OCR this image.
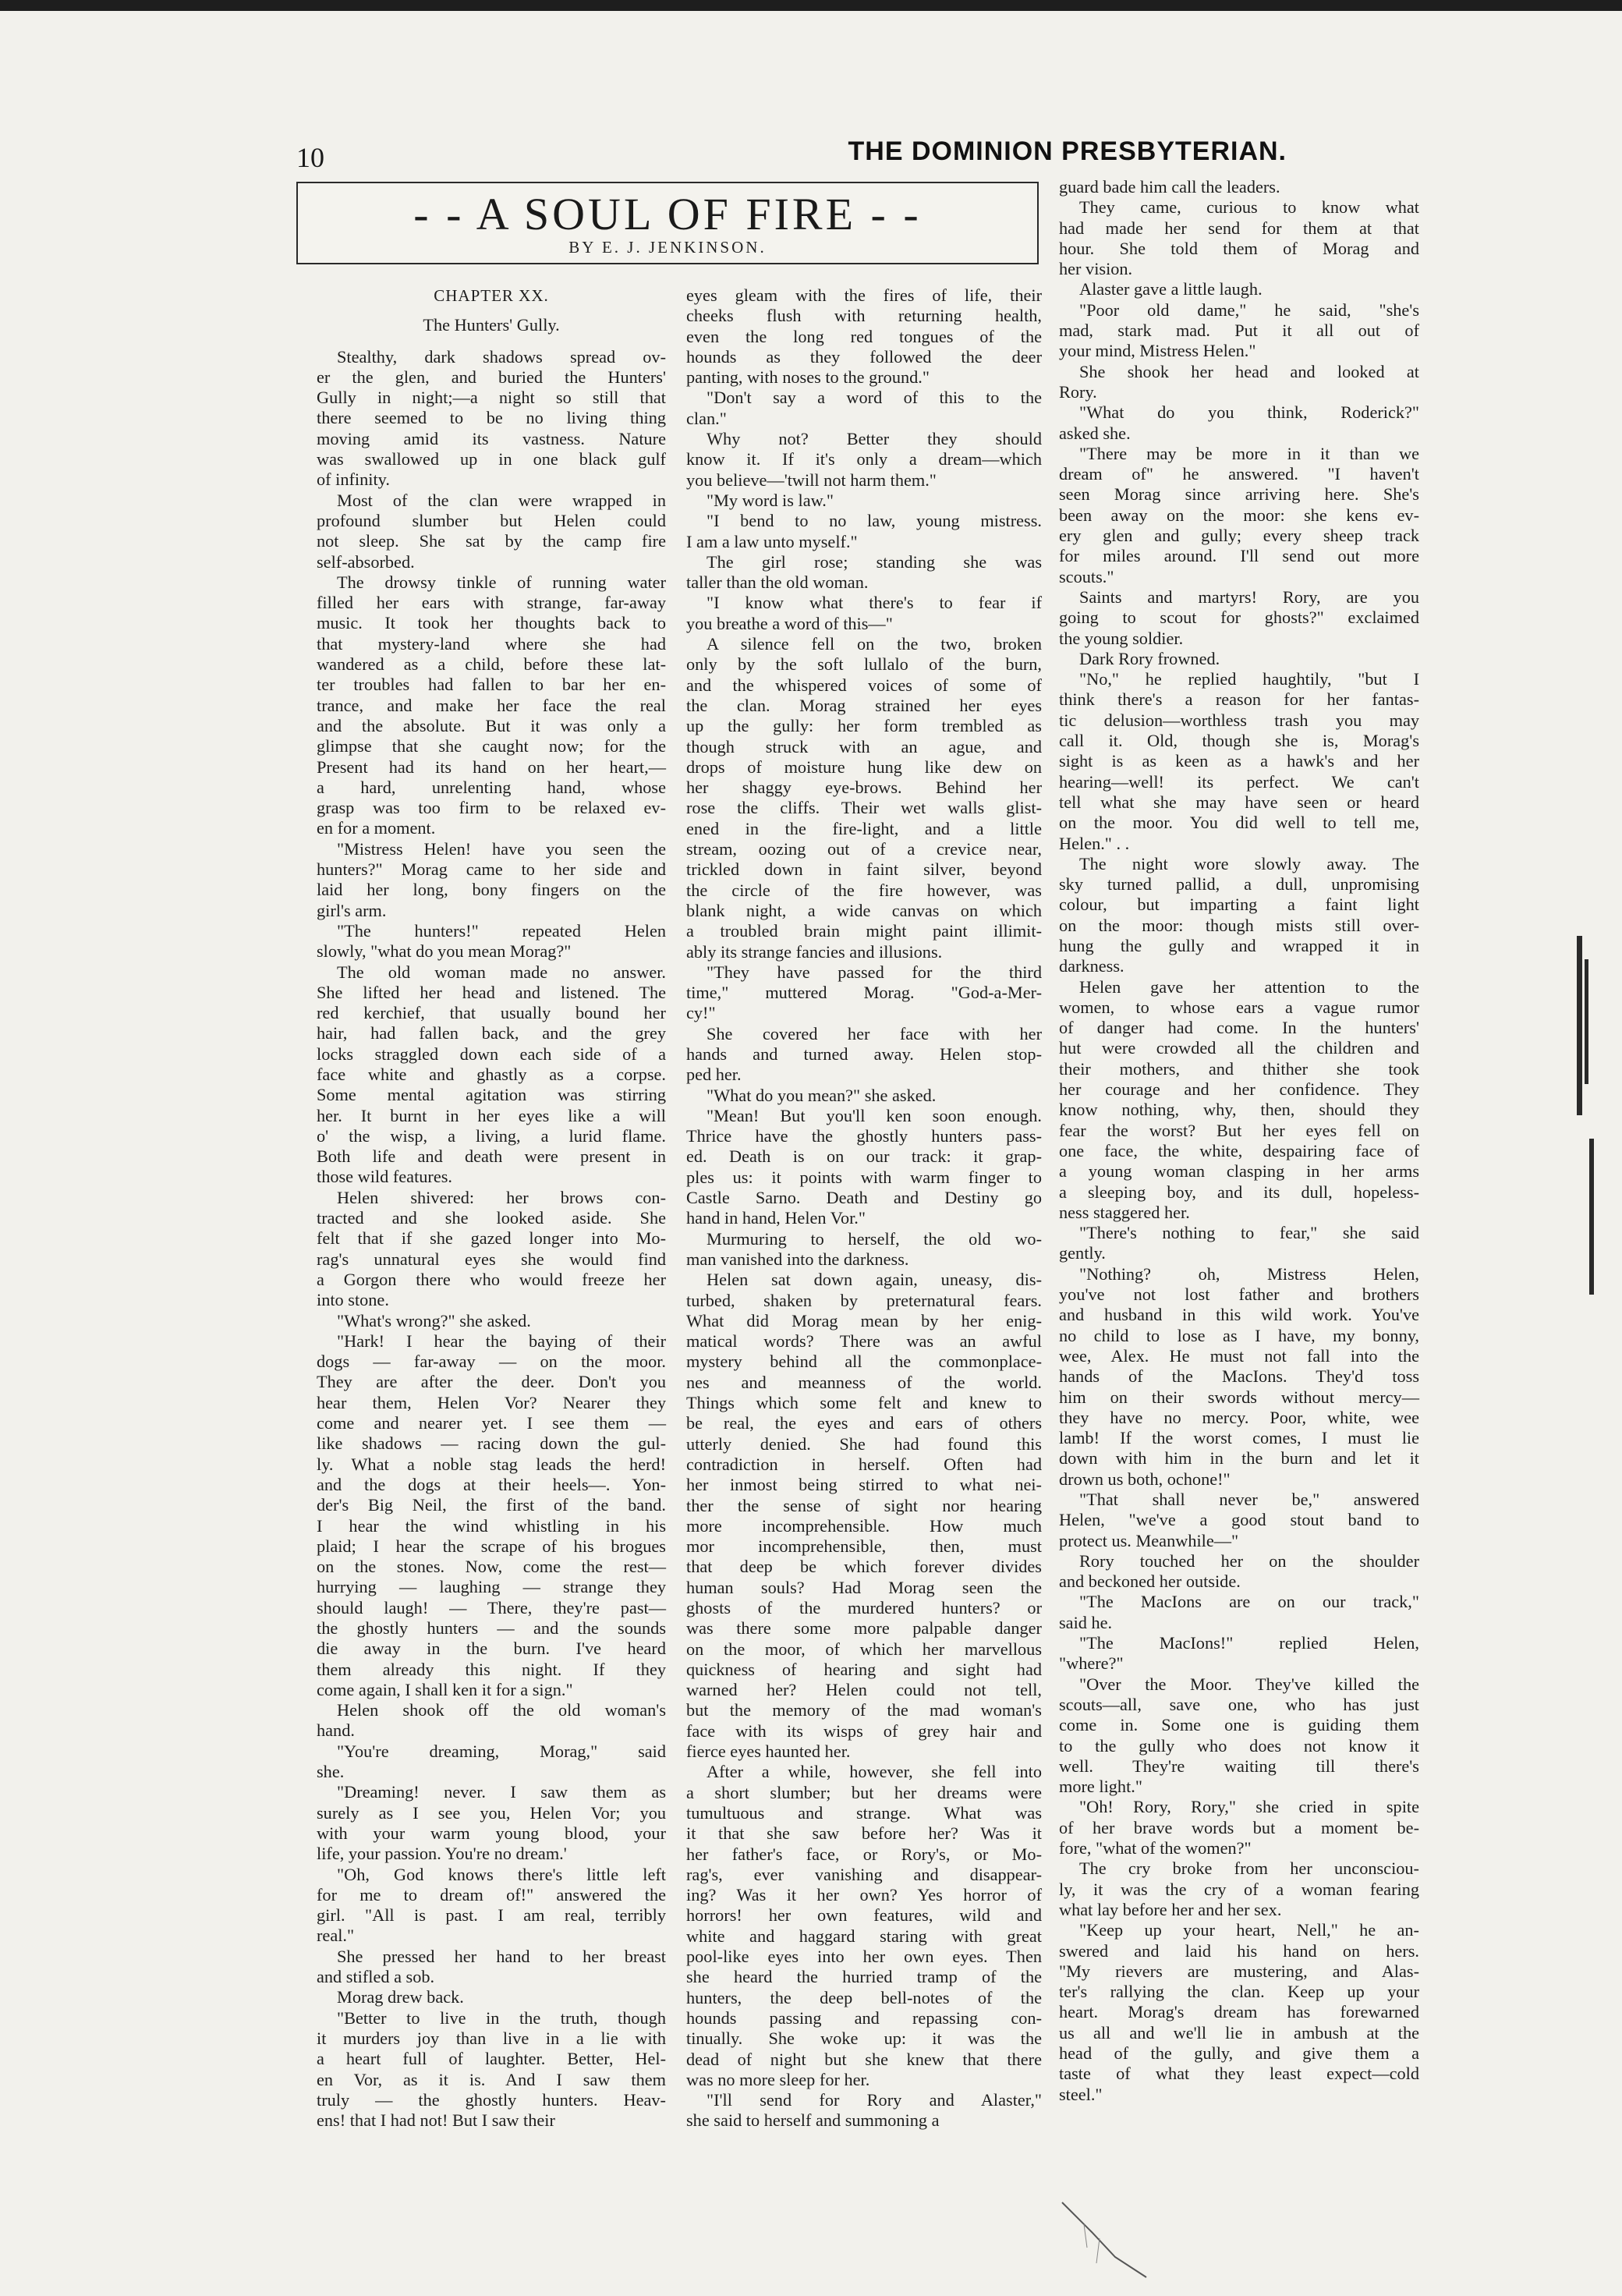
10	THE DOMINION PRESBYTERIAN.
- - A SOUL OF FIRE - -
BY E. J. JENKINSON.
CHAPTER XX.
The Hunters' Gully.
Stealthy, dark shadows spread ov-
er the glen, and buried the Hunters'
Gully in night;—a night so still that
there seemed to be no living thing
moving amid its vastness. Nature
was swallowed up in one black gulf
of infinity.
Most of the clan were wrapped in
profound slumber but Helen could
not sleep. She sat by the camp fire
self-absorbed.
The drowsy tinkle of running water
filled her ears with strange, far-away
music. It took her thoughts back to
that mystery-land where she had
wandered as a child, before these lat-
ter troubles had fallen to bar her en-
trance, and make her face the real
and the absolute. But it was only a
glimpse that she caught now; for the
Present had its hand on her heart,—
a hard, unrelenting hand, whose
grasp was too firm to be relaxed ev-
en for a moment.
"Mistress Helen! have you seen the
hunters?" Morag came to her side and
laid her long, bony fingers on the
girl's arm.
"The hunters!" repeated Helen
slowly, "what do you mean Morag?"
The old woman made no answer.
She lifted her head and listened. The
red kerchief, that usually bound her
hair, had fallen back, and the grey
locks straggled down each side of a
face white and ghastly as a corpse.
Some mental agitation was stirring
her. It burnt in her eyes like a will
o' the wisp, a living, a lurid flame.
Both life and death were present in
those wild features.
Helen shivered: her brows con-
tracted and she looked aside. She
felt that if she gazed longer into Mo-
rag's unnatural eyes she would find
a Gorgon there who would freeze her
into stone.
"What's wrong?" she asked.
"Hark! I hear the baying of their
dogs — far-away — on the moor.
They are after the deer. Don't you
hear them, Helen Vor? Nearer they
come and nearer yet. I see them —
like shadows — racing down the gul-
ly. What a noble stag leads the herd!
and the dogs at their heels—. Yon-
der's Big Neil, the first of the band.
I hear the wind whistling in his
plaid; I hear the scrape of his brogues
on the stones. Now, come the rest—
hurrying — laughing — strange they
should laugh! — There, they're past—
the ghostly hunters — and the sounds
die away in the burn. I've heard
them already this night. If they
come again, I shall ken it for a sign."
Helen shook off the old woman's
hand.
"You're dreaming, Morag," said
she.
"Dreaming! never. I saw them as
surely as I see you, Helen Vor; you
with your warm young blood, your
life, your passion. You're no dream.'
"Oh, God knows there's little left
for me to dream of!" answered the
girl. "All is past. I am real, terribly
real."
She pressed her hand to her breast
and stifled a sob.
Morag drew back.
"Better to live in the truth, though
it murders joy than live in a lie with
a heart full of laughter. Better, Hel-
en Vor, as it is. And I saw them
truly — the ghostly hunters. Heav-
ens! that I had not! But I saw their
eyes gleam with the fires of life, their
cheeks flush with returning health,
even the long red tongues of the
hounds as they followed the deer
panting, with noses to the ground."
"Don't say a word of this to the
clan."
Why not? Better they should
know it. If it's only a dream—which
you believe—'twill not harm them."
"My word is law."
"I bend to no law, young mistress.
I am a law unto myself."
The girl rose; standing she was
taller than the old woman.
"I know what there's to fear if
you breathe a word of this—"
A silence fell on the two, broken
only by the soft lullalo of the burn,
and the whispered voices of some of
the clan. Morag strained her eyes
up the gully: her form trembled as
though struck with an ague, and
drops of moisture hung like dew on
her shaggy eye-brows. Behind her
rose the cliffs. Their wet walls glist-
ened in the fire-light, and a little
stream, oozing out of a crevice near,
trickled down in faint silver, beyond
the circle of the fire however, was
blank night, a wide canvas on which
a troubled brain might paint illimit-
ably its strange fancies and illusions.
"They have passed for the third
time," muttered Morag. "God-a-Mer-
cy!"
She covered her face with her
hands and turned away. Helen stop-
ped her.
"What do you mean?" she asked.
"Mean! But you'll ken soon enough.
Thrice have the ghostly hunters pass-
ed. Death is on our track: it grap-
ples us: it points with warm finger to
Castle Sarno. Death and Destiny go
hand in hand, Helen Vor."
Murmuring to herself, the old wo-
man vanished into the darkness.
Helen sat down again, uneasy, dis-
turbed, shaken by preternatural fears.
What did Morag mean by her enig-
matical words? There was an awful
mystery behind all the commonplace-
nes and meanness of the world.
Things which some felt and knew to
be real, the eyes and ears of others
utterly denied. She had found this
contradiction in herself. Often had
her inmost being stirred to what nei-
ther the sense of sight nor hearing
more incomprehensible. How much
mor incomprehensible, then, must
that deep be which forever divides
human souls? Had Morag seen the
ghosts of the murdered hunters? or
was there some more palpable danger
on the moor, of which her marvellous
quickness of hearing and sight had
warned her? Helen could not tell,
but the memory of the mad woman's
face with its wisps of grey hair and
fierce eyes haunted her.
After a while, however, she fell into
a short slumber; but her dreams were
tumultuous and strange. What was
it that she saw before her? Was it
her father's face, or Rory's, or Mo-
rag's, ever vanishing and disappear-
ing? Was it her own? Yes horror of
horrors! her own features, wild and
white and haggard staring with great
pool-like eyes into her own eyes. Then
she heard the hurried tramp of the
hunters, the deep bell-notes of the
hounds passing and repassing con-
tinually. She woke up: it was the
dead of night but she knew that there
was no more sleep for her.
"I'll send for Rory and Alaster,"
she said to herself and summoning a
guard bade him call the leaders.
They came, curious to know what
had made her send for them at that
hour. She told them of Morag and
her vision.
Alaster gave a little laugh.
"Poor old dame," he said, "she's
mad, stark mad. Put it all out of
your mind, Mistress Helen."
She shook her head and looked at
Rory.
"What do you think, Roderick?"
asked she.
"There may be more in it than we
dream of" he answered. "I haven't
seen Morag since arriving here. She's
been away on the moor: she kens ev-
ery glen and gully; every sheep track
for miles around. I'll send out more
scouts."
Saints and martyrs! Rory, are you
going to scout for ghosts?" exclaimed
the young soldier.
Dark Rory frowned.
"No," he replied haughtily, "but I
think there's a reason for her fantas-
tic delusion—worthless trash you may
call it. Old, though she is, Morag's
sight is as keen as a hawk's and her
hearing—well! its perfect. We can't
tell what she may have seen or heard
on the moor. You did well to tell me,
Helen." . .
The night wore slowly away. The
sky turned pallid, a dull, unpromising
colour, but imparting a faint light
on the moor: though mists still over-
hung the gully and wrapped it in
darkness.
Helen gave her attention to the
women, to whose ears a vague rumor
of danger had come. In the hunters'
hut were crowded all the children and
their mothers, and thither she took
her courage and her confidence. They
know nothing, why, then, should they
fear the worst? But her eyes fell on
one face, the white, despairing face of
a young woman clasping in her arms
a sleeping boy, and its dull, hopeless-
ness staggered her.
"There's nothing to fear," she said
gently.
"Nothing? oh, Mistress Helen,
you've not lost father and brothers
and husband in this wild work. You've
no child to lose as I have, my bonny,
wee, Alex. He must not fall into the
hands of the MacIons. They'd toss
him on their swords without mercy—
they have no mercy. Poor, white, wee
lamb! If the worst comes, I must lie
down with him in the burn and let it
drown us both, ochone!"
"That shall never be," answered
Helen, "we've a good stout band to
protect us. Meanwhile—"
Rory touched her on the shoulder
and beckoned her outside.
"The MacIons are on our track,"
said he.
"The MacIons!" replied Helen,
"where?"
"Over the Moor. They've killed the
scouts—all, save one, who has just
come in. Some one is guiding them
to the gully who does not know it
well. They're waiting till there's
more light."
"Oh! Rory, Rory," she cried in spite
of her brave words but a moment be-
fore, "what of the women?"
The cry broke from her unconsciou-
ly, it was the cry of a woman fearing
what lay before her and her sex.
"Keep up your heart, Nell," he an-
swered and laid his hand on hers.
"My rievers are mustering, and Alas-
ter's rallying the clan. Keep up your
heart. Morag's dream has forewarned
us all and we'll lie in ambush at the
head of the gully, and give them a
taste of what they least expect—cold
steel."
